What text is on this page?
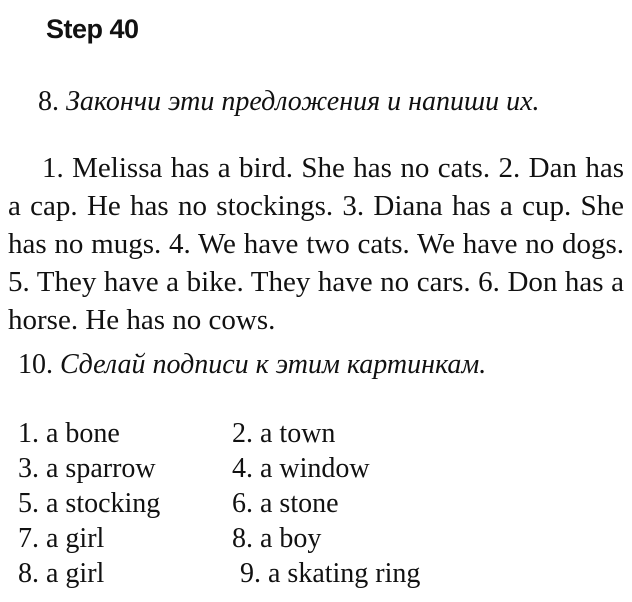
Step 40
8. Закончи эти предложения и напиши их.

1. Melissa has a bird. She has no cats. 2. Dan has a cap. He has no stockings. 3. Diana has a cup. She has no mugs. 4. We have two cats. We have no dogs. 5. They have a bike. They have no cars. 6. Don has a horse. He has no cows.

10. Сделай подписи к этим картинкам.
1. a bone	2. a town
3. a sparrow	4. a window
5. a stocking	6. a stone
7. a girl	8. a boy
8. a girl	9. a skating ring
